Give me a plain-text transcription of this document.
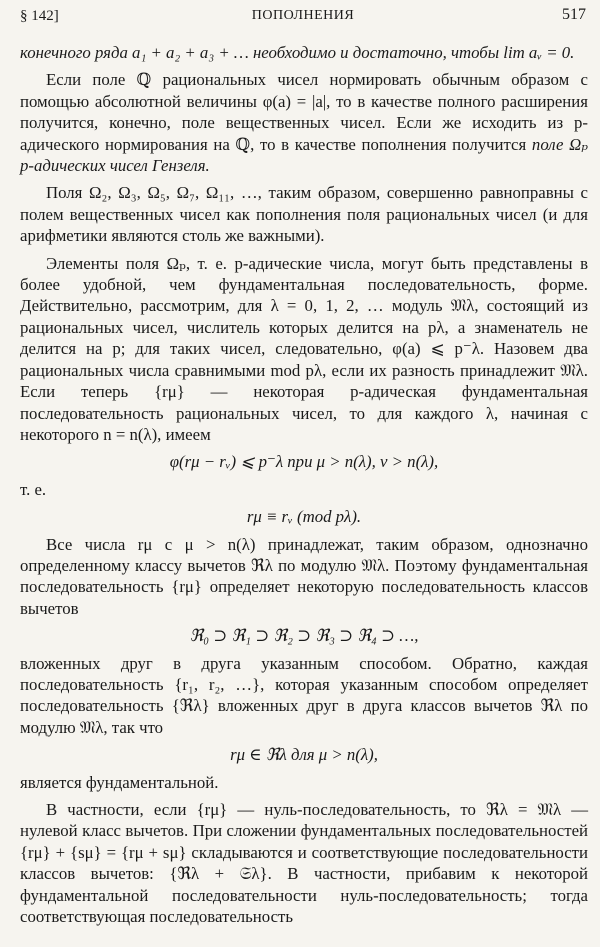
§ 142]	ПОПОЛНЕНИЯ	517

конечного ряда a₁ + a₂ + a₃ + … необходимо и достаточно, чтобы lim aᵥ = 0.

Если поле ℚ рациональных чисел нормировать обычным образом с помощью абсолютной величины φ(a) = |a|, то в качестве полного расширения получится, конечно, поле вещественных чисел. Если же исходить из p-адического нормирования на ℚ, то в качестве пополнения получится поле Ωₚ p-адических чисел Гензеля.

Поля Ω₂, Ω₃, Ω₅, Ω₇, Ω₁₁, …, таким образом, совершенно равноправны с полем вещественных чисел как пополнения поля рациональных чисел (и для арифметики являются столь же важными).

Элементы поля Ωₚ, т. е. p-адические числа, могут быть представлены в более удобной, чем фундаментальная последовательность, форме. Действительно, рассмотрим, для λ = 0, 1, 2, … модуль 𝔐λ, состоящий из рациональных чисел, числитель которых делится на pλ, а знаменатель не делится на p; для таких чисел, следовательно, φ(a) ⩽ p⁻λ. Назовем два рациональных числа сравнимыми mod pλ, если их разность принадлежит 𝔐λ. Если теперь {rμ} — некоторая p-адическая фундаментальная последовательность рациональных чисел, то для каждого λ, начиная с некоторого n = n(λ), имеем

φ(rμ − rᵥ) ⩽ p⁻λ при μ > n(λ), ν > n(λ),

т. е.

rμ ≡ rᵥ (mod pλ).

Все числа rμ с μ > n(λ) принадлежат, таким образом, однозначно определенному классу вычетов ℜλ по модулю 𝔐λ. Поэтому фундаментальная последовательность {rμ} определяет некоторую последовательность классов вычетов

ℜ₀ ⊃ ℜ₁ ⊃ ℜ₂ ⊃ ℜ₃ ⊃ ℜ₄ ⊃ …,

вложенных друг в друга указанным способом. Обратно, каждая последовательность {r₁, r₂, …}, которая указанным способом определяет последовательность {ℜλ} вложенных друг в друга классов вычетов ℜλ по модулю 𝔐λ, так что

rμ ∈ ℜλ для μ > n(λ),

является фундаментальной.

В частности, если {rμ} — нуль-последовательность, то ℜλ = 𝔐λ — нулевой класс вычетов. При сложении фундаментальных последовательностей {rμ} + {sμ} = {rμ + sμ} складываются и соответствующие последовательности классов вычетов: {ℜλ + 𝔖λ}. В частности, прибавим к некоторой фундаментальной последовательности нуль-последовательность; тогда соответствующая последовательность
